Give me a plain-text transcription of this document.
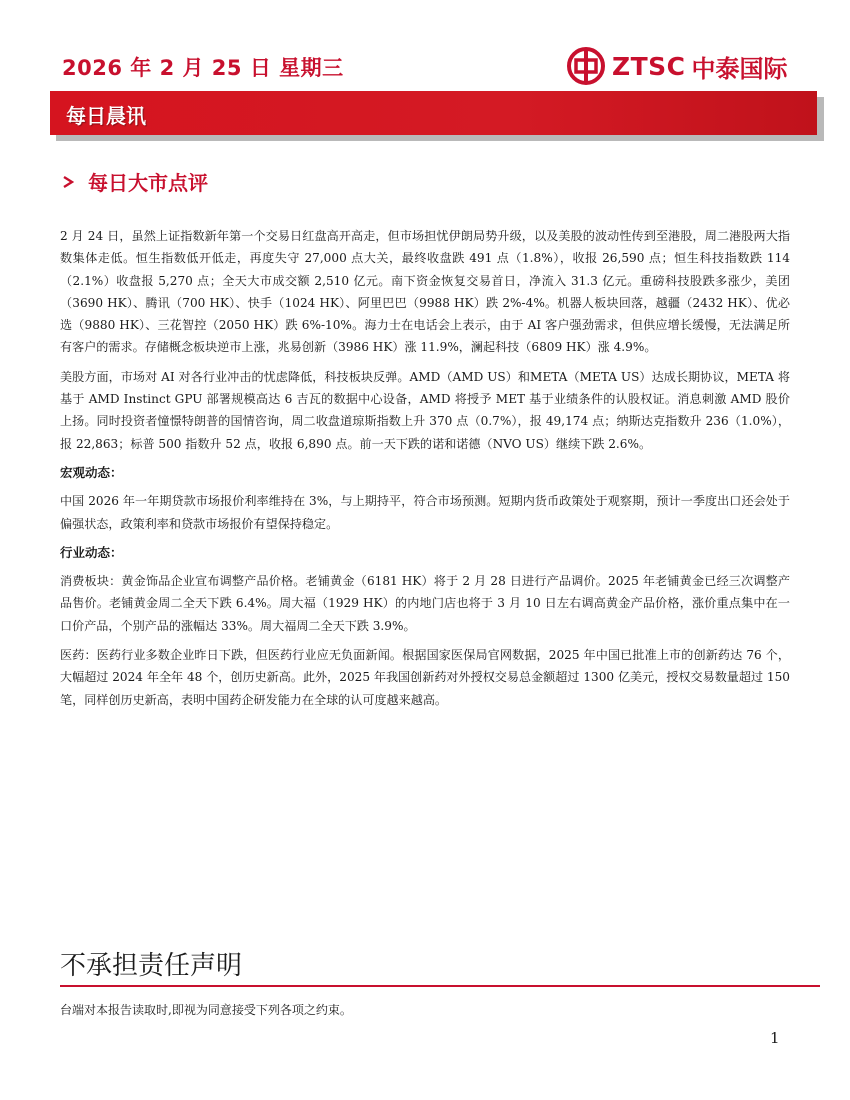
2026 年 2 月 25 日 星期三	ZTSC 中泰国际
每日晨讯
每日大市点评

2 月 24 日，虽然上证指数新年第一个交易日红盘高开高走，但市场担忧伊朗局势升级，以及美股的波动性传到至港股，周二港股两大指数集体走低。恒生指数低开低走，再度失守 27,000 点大关，最终收盘跌 491 点（1.8%），收报 26,590 点；恒生科技指数跌 114（2.1%）收盘报 5,270 点；全天大市成交额 2,510 亿元。南下资金恢复交易首日，净流入 31.3 亿元。重磅科技股跌多涨少，美团（3690 HK）、腾讯（700 HK）、快手（1024 HK）、阿里巴巴（9988 HK）跌 2%-4%。机器人板块回落，越疆（2432 HK）、优必选（9880 HK）、三花智控（2050 HK）跌 6%-10%。海力士在电话会上表示，由于 AI 客户强劲需求，但供应增长缓慢，无法满足所有客户的需求。存储概念板块逆市上涨，兆易创新（3986 HK）涨 11.9%，澜起科技（6809 HK）涨 4.9%。

美股方面，市场对 AI 对各行业冲击的忧虑降低，科技板块反弹。AMD（AMD US）和META（META US）达成长期协议，META 将基于 AMD Instinct GPU 部署规模高达 6 吉瓦的数据中心设备，AMD 将授予 MET 基于业绩条件的认股权证。消息刺激 AMD 股价上扬。同时投资者憧憬特朗普的国情咨询，周二收盘道琼斯指数上升 370 点（0.7%），报 49,174 点；纳斯达克指数升 236（1.0%），报 22,863；标普 500 指数升 52 点，收报 6,890 点。前一天下跌的诺和诺德（NVO US）继续下跌 2.6%。

宏观动态：

中国 2026 年一年期贷款市场报价利率维持在 3%，与上期持平，符合市场预测。短期内货币政策处于观察期，预计一季度出口还会处于偏强状态，政策利率和贷款市场报价有望保持稳定。

行业动态：

消费板块：黄金饰品企业宣布调整产品价格。老铺黄金（6181 HK）将于 2 月 28 日进行产品调价。2025 年老铺黄金已经三次调整产品售价。老铺黄金周二全天下跌 6.4%。周大福（1929 HK）的内地门店也将于 3 月 10 日左右调高黄金产品价格，涨价重点集中在一口价产品，个别产品的涨幅达 33%。周大福周二全天下跌 3.9%。

医药：医药行业多数企业昨日下跌，但医药行业应无负面新闻。根据国家医保局官网数据，2025 年中国已批准上市的创新药达 76 个，大幅超过 2024 年全年 48 个，创历史新高。此外，2025 年我国创新药对外授权交易总金额超过 1300 亿美元，授权交易数量超过 150 笔，同样创历史新高，表明中国药企研发能力在全球的认可度越来越高。

不承担责任声明
台端对本报告读取时,即视为同意接受下列各项之约束。
1
